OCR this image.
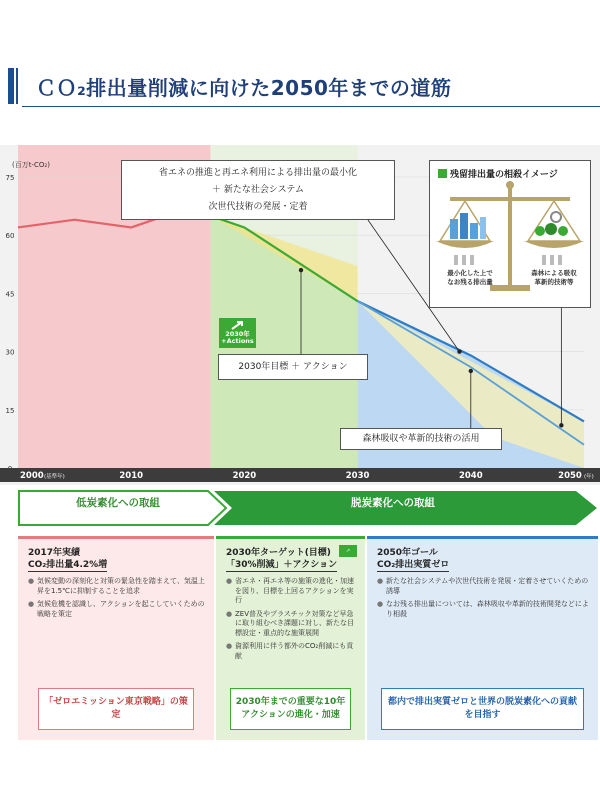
ＣＯ₂排出量削減に向けた2050年までの道筋
15
30
45
60
75
(百万t-CO₂)
2000 (基準年)	2010	2020	2030	2040	2050 (年)
省エネの推進と再エネ利用による排出量の最小化
＋ 新たな社会システム
次世代技術の発展・定着
2030年目標 ＋ アクション
森林吸収や革新的技術の活用
2030年
+Actions
残留排出量の相殺イメージ
最小化した上で
なお残る排出量
森林による吸収
革新的技術等
低炭素化への取組	脱炭素化への取組
2017年実績
CO₂排出量4.2%増
● 気候変動の深刻化と対策の緊急性を踏まえて、気温上昇を1.5℃に抑制することを追求
● 気候危機を認識し、アクションを起こしていくための戦略を策定
「ゼロエミッション東京戦略」の策定
↗
2030年ターゲット(目標)
「30%削減」＋アクション
● 省エネ・再エネ等の施策の進化・加速を図り、目標を上回るアクションを実行
● ZEV普及やプラスチック対策など早急に取り組むべき課題に対し、新たな目標設定・重点的な施策展開
● 資源利用に伴う都外のCO₂削減にも貢献
2030年までの重要な10年アクションの進化・加速
2050年ゴール
CO₂排出実質ゼロ
● 新たな社会システムや次世代技術を発展・定着させていくための誘導
● なお残る排出量については、森林吸収や革新的技術開発などにより相殺
都内で排出実質ゼロと世界の脱炭素化への貢献を目指す
